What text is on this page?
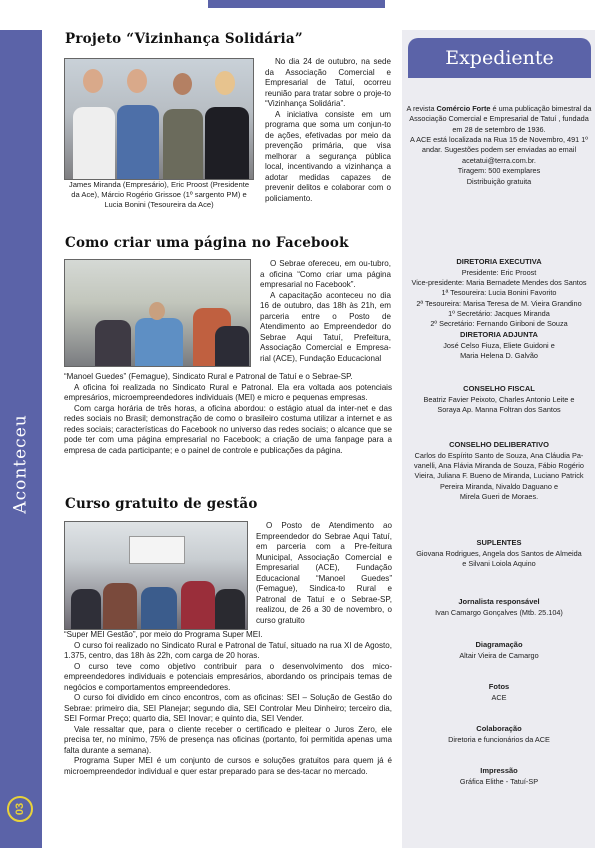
Aconteceu
03
Projeto “Vizinhança Solidária”
James Miranda (Empresário), Eric Proost (Presidente da Ace), Márcio Rogério Grissoe (1º sargento PM) e Lucia Bonini (Tesoureira da Ace)

No dia 24 de outubro, na sede da Associação Comercial e Empresarial de Tatuí, ocorreu reunião para tratar sobre o proje-to “Vizinhança Solidária”.

A iniciativa consiste em um programa que soma um conjun-to de ações, efetivadas por meio da prevenção primária, que visa melhorar a segurança pública local, incentivando a vizinhança a adotar medidas capazes de prevenir delitos e colaborar com o policiamento.

Como criar uma página no Facebook

O Sebrae ofereceu, em ou-tubro, a oficina “Como criar uma página empresarial no Facebook”.

A capacitação aconteceu no dia 16 de outubro, das 18h às 21h, em parceria entre o Posto de Atendimento ao Empreendedor do Sebrae Aqui Tatuí, Prefeitura, Associação Comercial e Empresa-rial (ACE), Fundação Educacional

“Manoel Guedes” (Femague), Sindicato Rural e Patronal de Tatuí e o Sebrae-SP.

A oficina foi realizada no Sindicato Rural e Patronal. Ela era voltada aos potenciais empresários, microempreendedores individuais (MEI) e micro e pequenas empresas.

Com carga horária de três horas, a oficina abordou: o estágio atual da inter-net e das redes sociais no Brasil; demonstração de como o brasileiro costuma utilizar a internet e as redes sociais; características do Facebook no universo das redes sociais; o alcance que se pode ter com uma página empresarial no Facebook; a criação de uma fanpage para a empresa de cada participante; e o painel de controle e publicações da página.

Curso gratuito de gestão

O Posto de Atendimento ao Empreendedor do Sebrae Aqui Tatuí, em parceria com a Pre-feitura Municipal, Associação Comercial e Empresarial (ACE), Fundação Educacional “Manoel Guedes” (Femague), Sindica-to Rural e Patronal de Tatuí e o Sebrae-SP, realizou, de 26 a 30 de novembro, o curso gratuito

“Super MEI Gestão”, por meio do Programa Super MEI.

O curso foi realizado no Sindicato Rural e Patronal de Tatuí, situado na rua XI de Agosto, 1.375, centro, das 18h às 22h, com carga de 20 horas.

O curso teve como objetivo contribuir para o desenvolvimento dos mico-empreendedores individuais e potenciais empresários, abordando os principais temas de negócios e comportamentos empreendedores.

O curso foi dividido em cinco encontros, com as oficinas: SEI – Solução de Gestão do Sebrae: primeiro dia, SEI Planejar; segundo dia, SEI Controlar Meu Dinheiro; terceiro dia, SEI Formar Preço; quarto dia, SEI Inovar; e quinto dia, SEI Vender.

Vale ressaltar que, para o cliente receber o certificado e pleitear o Juros Zero, ele precisa ter, no mínimo, 75% de presença nas oficinas (portanto, foi permitida apenas uma falta durante a semana).

Programa Super MEI é um conjunto de cursos e soluções gratuitos para quem já é microempreendedor individual e quer estar preparado para se des-tacar no mercado.

Expediente
A revista Comércio Forte é uma publicação bimestral da Associação Comercial e Empresarial de Tatuí , fundada em 28 de setembro de 1936.
A ACE está localizada na Rua 15 de Novembro, 491 1º andar. Sugestões podem ser enviadas ao email acetatui@terra.com.br.
Tiragem: 500 exemplares
Distribuição gratuita
DIRETORIA EXECUTIVA
Presidente: Eric Proost
Vice-presidente: Maria Bernadete Mendes dos Santos
1ª Tesoureira: Lucia Bonini Favorito
2ª Tesoureira: Marisa Teresa de M. Vieira Grandino
1º Secretário: Jacques Miranda
2º Secretário: Fernando Giriboni de Souza
DIRETORIA ADJUNTA
José Celso Fiuza, Eliete Guidoni e
Maria Helena D. Galvão
CONSELHO FISCAL
Beatriz Favier Peixoto, Charles Antonio Leite e
Soraya Ap. Manna Foltran dos Santos
CONSELHO DELIBERATIVO
Carlos do Espírito Santo de Souza, Ana Cláudia Pa-
vanelli, Ana Flávia Miranda de Souza, Fábio Rogério
Vieira, Juliana F. Bueno de Miranda, Luciano Patrick
Pereira Miranda, Nivaldo Daguano e
Mirela Gueri de Moraes.
SUPLENTES
Giovana Rodrigues, Angela dos Santos de Almeida
e Silvani Loiola Aquino
Jornalista responsável
Ivan Camargo Gonçalves (Mtb. 25.104)
Diagramação
Altair Vieira de Camargo
Fotos
ACE
Colaboração
Diretoria e funcionários da ACE
Impressão
Gráfica Elithe - Tatuí-SP
